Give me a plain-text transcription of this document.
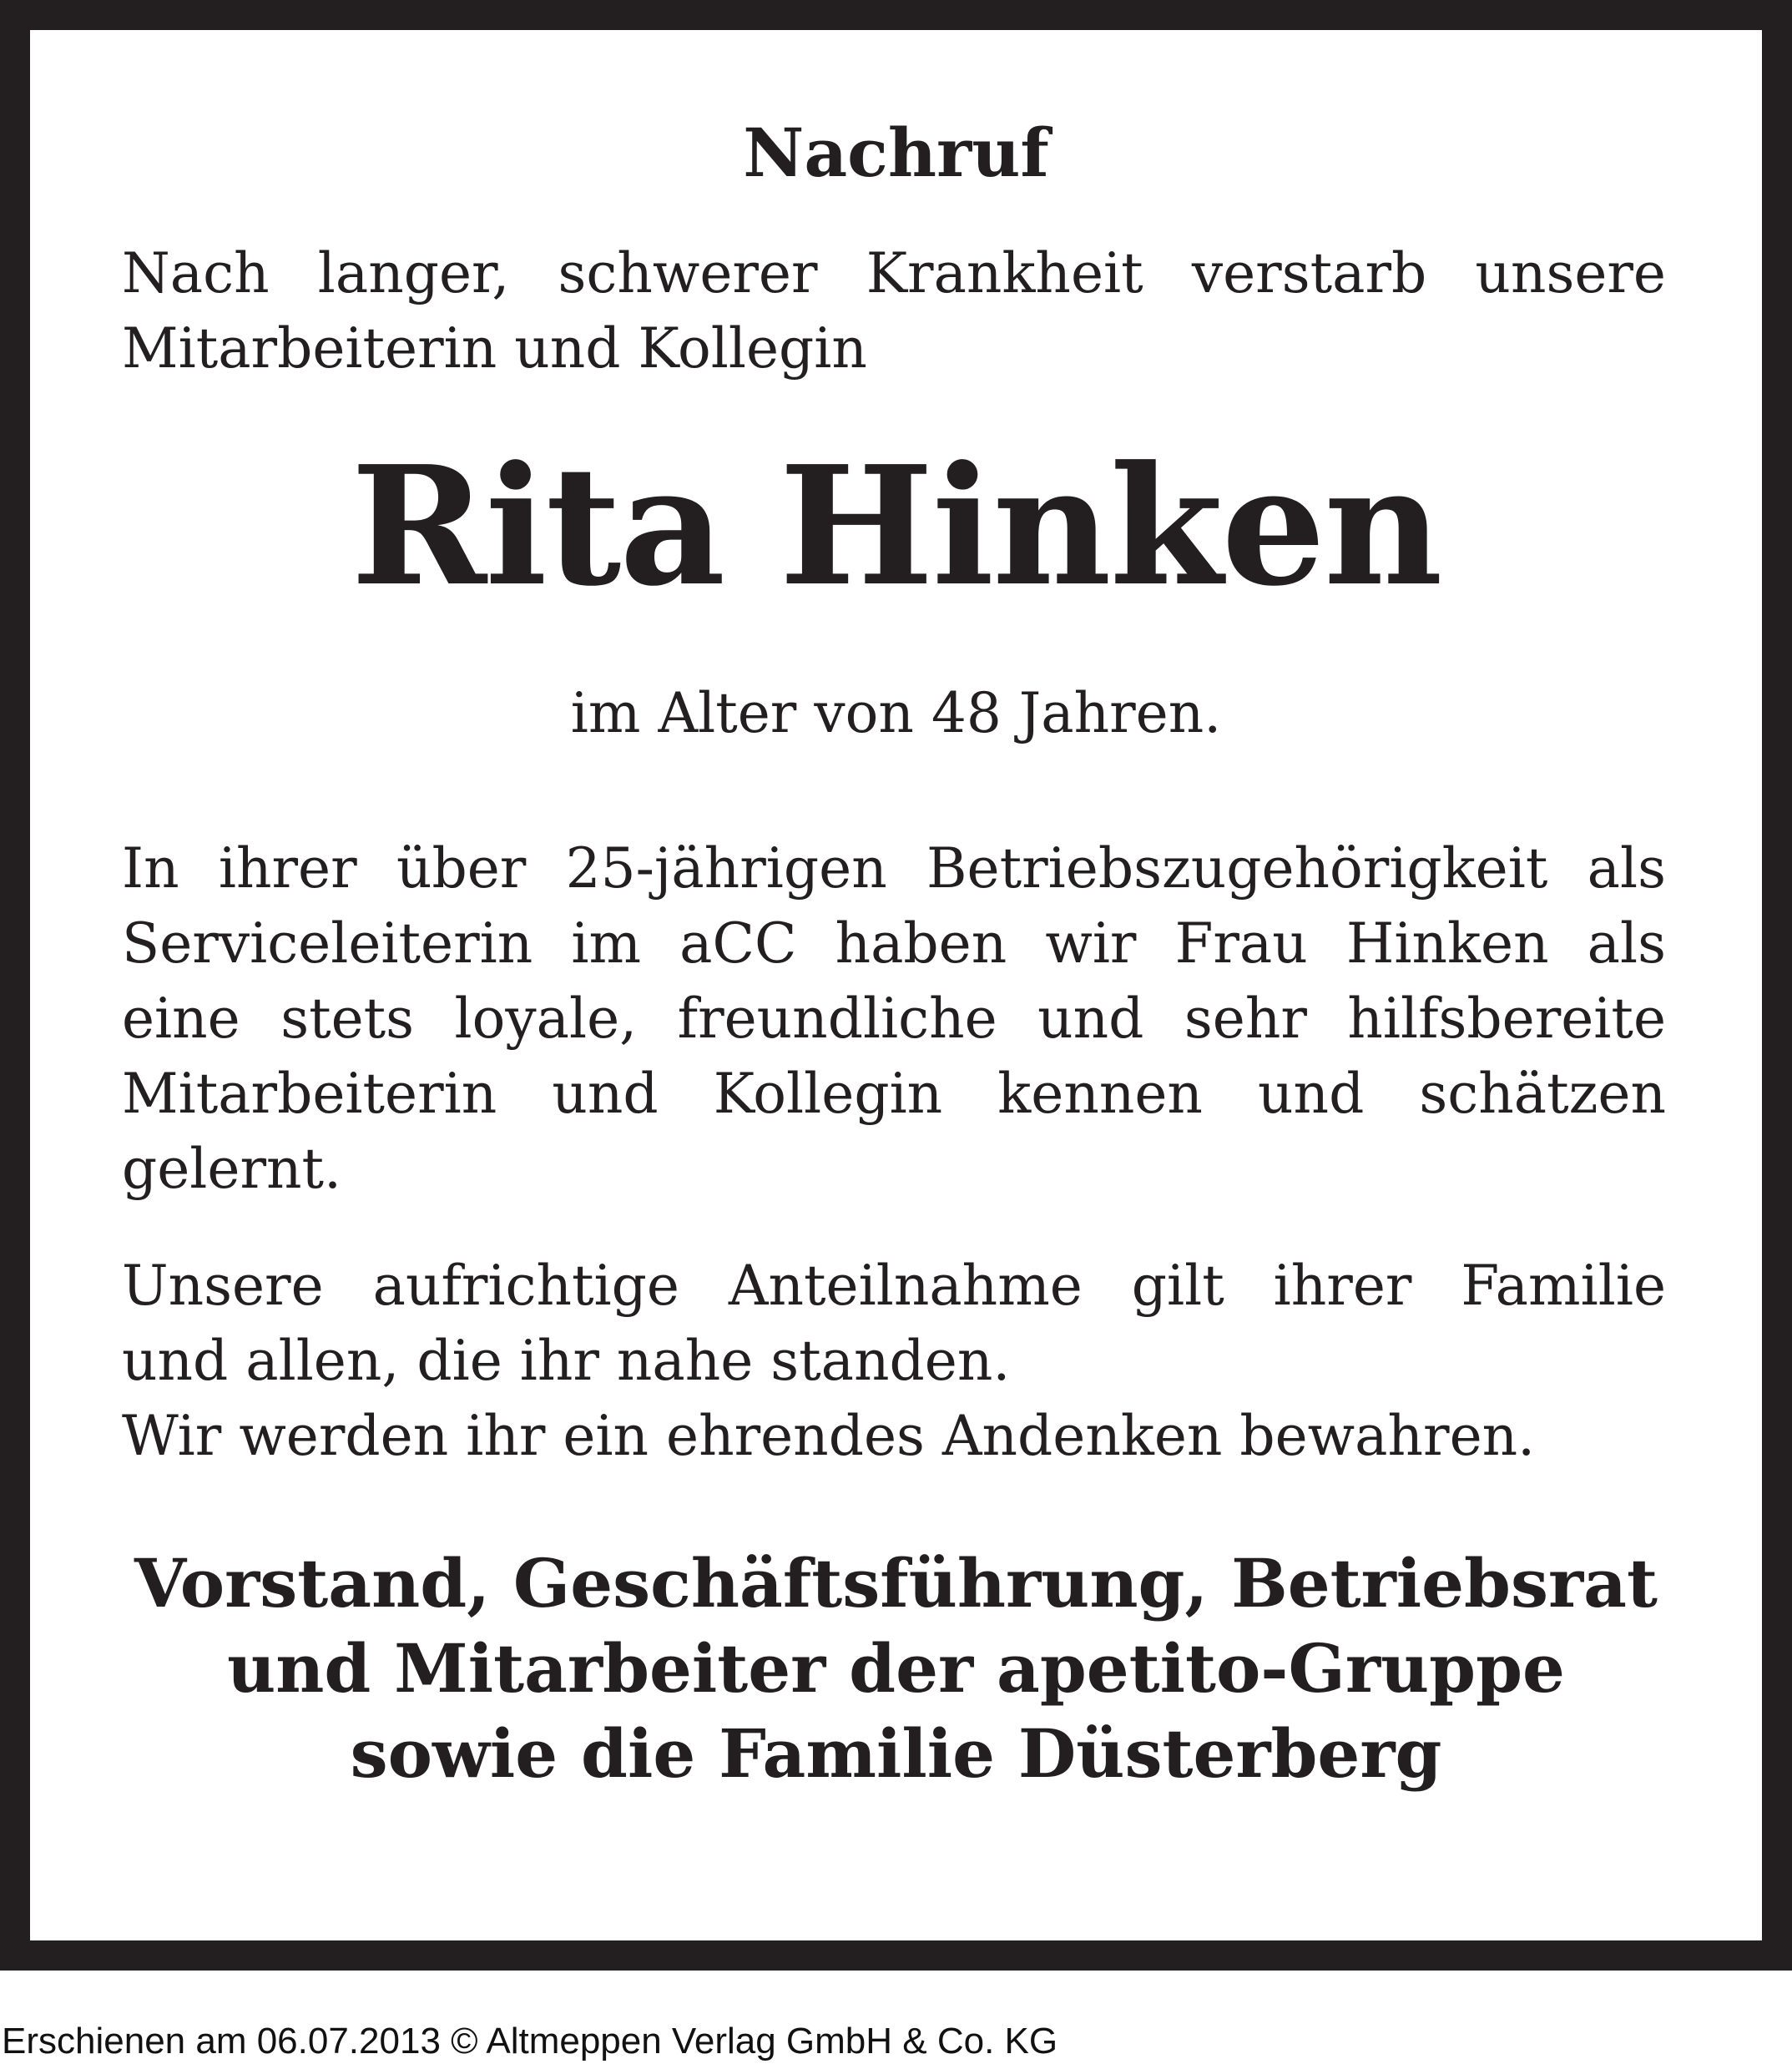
Nachruf

Nach langer, schwerer Krankheit verstarb unsere
Mitarbeiterin und Kollegin

Rita Hinken
im Alter von 48 Jahren.

In ihrer über 25-jährigen Betriebszugehörigkeit als
Serviceleiterin im aCC haben wir Frau Hinken als
eine stets loyale, freundliche und sehr hilfsbereite
Mitarbeiterin und Kollegin kennen und schätzen
gelernt.

Unsere aufrichtige Anteilnahme gilt ihrer Familie
und allen, die ihr nahe standen.
Wir werden ihr ein ehrendes Andenken bewahren.

Vorstand, Geschäftsführung, Betriebsrat
und Mitarbeiter der apetito-Gruppe
sowie die Familie Düsterberg
Erschienen am 06.07.2013 © Altmeppen Verlag GmbH & Co. KG
